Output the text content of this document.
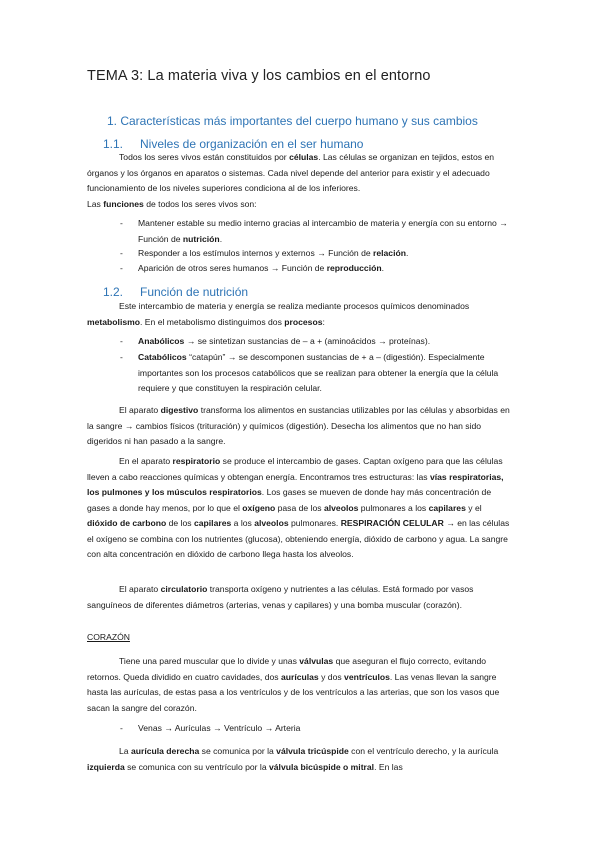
TEMA 3: La materia viva y los cambios en el entorno
1. Características más importantes del cuerpo humano y sus cambios
1.1. Niveles de organización en el ser humano

Todos los seres vivos están constituidos por células. Las células se organizan en tejidos, estos en órganos y los órganos en aparatos o sistemas. Cada nivel depende del anterior para existir y el adecuado funcionamiento de los niveles superiores condiciona al de los inferiores.

Las funciones de todos los seres vivos son:

- Mantener estable su medio interno gracias al intercambio de materia y energía con su entorno → Función de nutrición.
- Responder a los estímulos internos y externos → Función de relación.
- Aparición de otros seres humanos → Función de reproducción.
1.2. Función de nutrición

Este intercambio de materia y energía se realiza mediante procesos químicos denominados metabolismo. En el metabolismo distinguimos dos procesos:

- Anabólicos → se sintetizan sustancias de – a + (aminoácidos → proteínas).
- Catabólicos “catapún” → se descomponen sustancias de + a – (digestión). Especialmente importantes son los procesos catabólicos que se realizan para obtener la energía que la célula requiere y que constituyen la respiración celular.

El aparato digestivo transforma los alimentos en sustancias utilizables por las células y absorbidas en la sangre → cambios físicos (trituración) y químicos (digestión). Desecha los alimentos que no han sido digeridos ni han pasado a la sangre.

En el aparato respiratorio se produce el intercambio de gases. Captan oxígeno para que las células lleven a cabo reacciones químicas y obtengan energía. Encontramos tres estructuras: las vías respiratorias, los pulmones y los músculos respiratorios. Los gases se mueven de donde hay más concentración de gases a donde hay menos, por lo que el oxígeno pasa de los alveolos pulmonares a los capilares y el dióxido de carbono de los capilares a los alveolos pulmonares. RESPIRACIÓN CELULAR → en las células el oxígeno se combina con los nutrientes (glucosa), obteniendo energía, dióxido de carbono y agua. La sangre con alta concentración en dióxido de carbono llega hasta los alveolos.

El aparato circulatorio transporta oxígeno y nutrientes a las células. Está formado por vasos sanguíneos de diferentes diámetros (arterias, venas y capilares) y una bomba muscular (corazón).

CORAZÓN

Tiene una pared muscular que lo divide y unas válvulas que aseguran el flujo correcto, evitando retornos. Queda dividido en cuatro cavidades, dos aurículas y dos ventrículos. Las venas llevan la sangre hasta las aurículas, de estas pasa a los ventrículos y de los ventrículos a las arterias, que son los vasos que sacan la sangre del corazón.

- Venas → Aurículas → Ventrículo → Arteria

La aurícula derecha se comunica por la válvula tricúspide con el ventrículo derecho, y la aurícula izquierda se comunica con su ventrículo por la válvula bicúspide o mitral. En las
